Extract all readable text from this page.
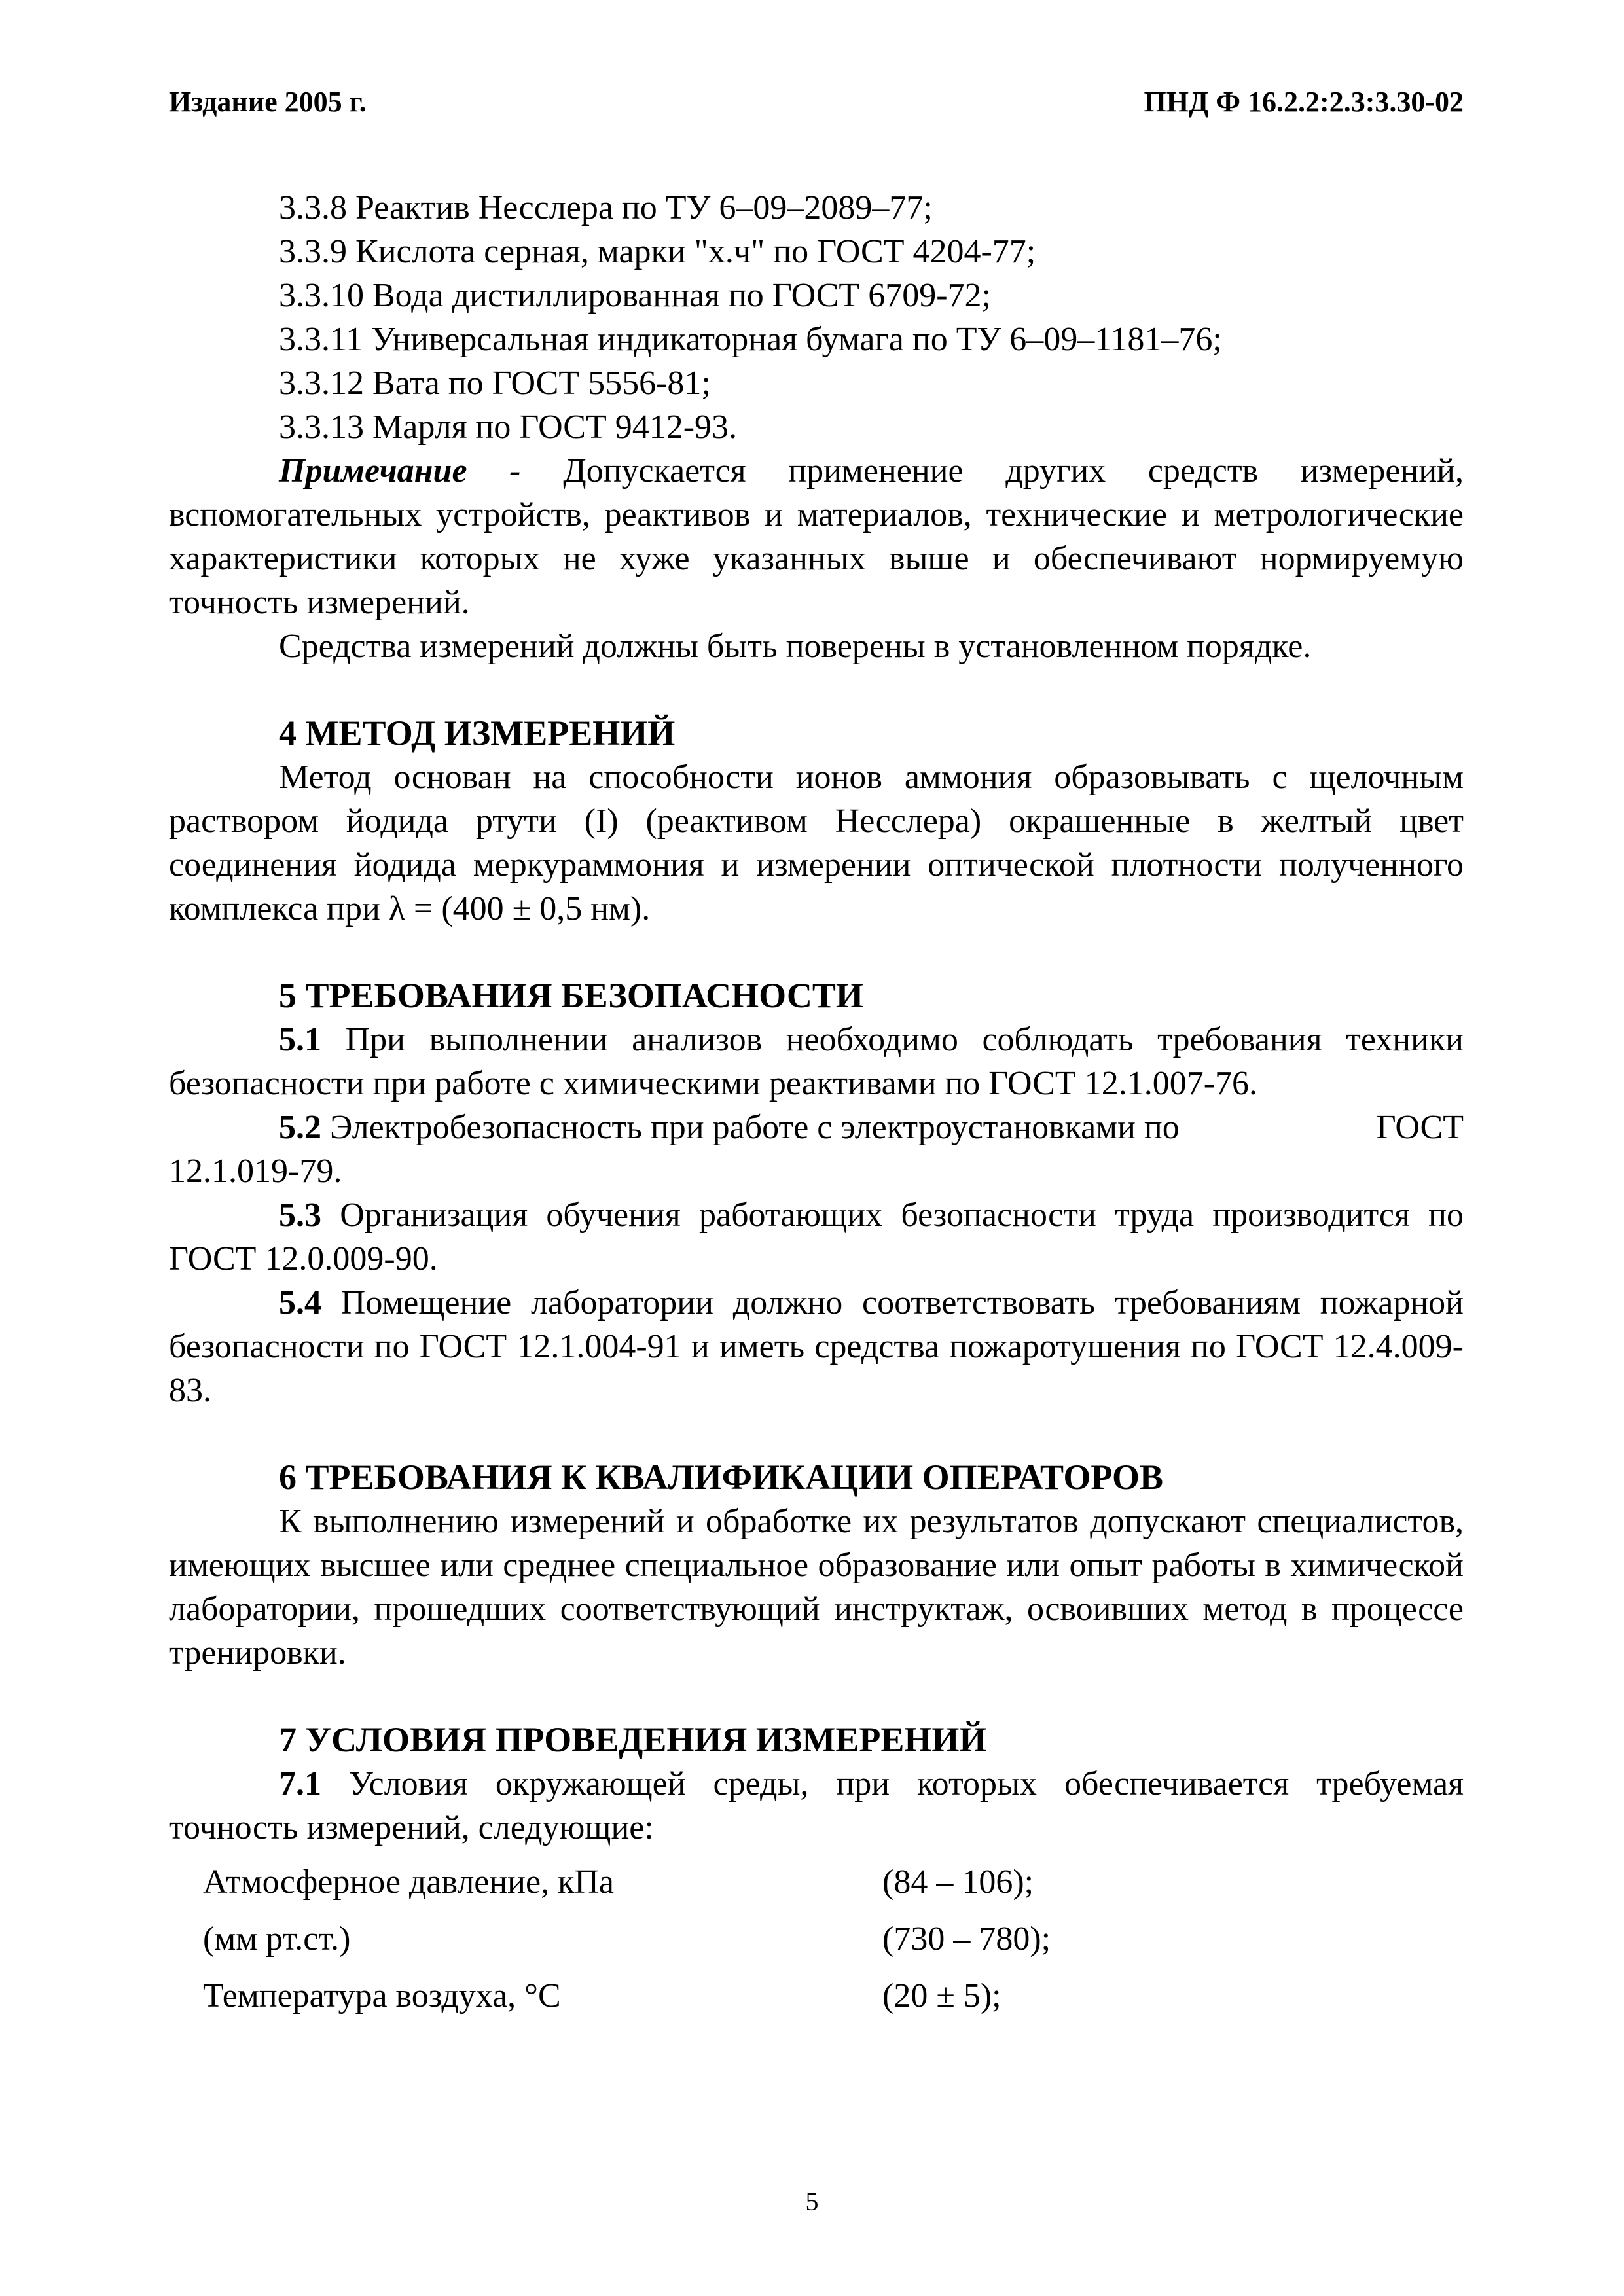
Издание 2005 г.	ПНД Ф 16.2.2:2.3:3.30-02
3.3.8 Реактив Несслера по ТУ 6–09–2089–77;
3.3.9 Кислота серная, марки "х.ч" по ГОСТ 4204-77;
3.3.10 Вода дистиллированная по ГОСТ 6709-72;
3.3.11 Универсальная индикаторная бумага по ТУ 6–09–1181–76;
3.3.12 Вата по ГОСТ 5556-81;
3.3.13 Марля по ГОСТ 9412-93.

Примечание - Допускается применение других средств измерений, вспомогательных устройств, реактивов и материалов, технические и метрологические характеристики которых не хуже указанных выше и обеспечивают нормируемую точность измерений.

Средства измерений должны быть поверены в установленном порядке.

4 МЕТОД ИЗМЕРЕНИЙ

Метод основан на способности ионов аммония образовывать с щелочным раствором йодида ртути (I) (реактивом Несслера) окрашенные в желтый цвет соединения йодида меркураммония и измерении оптической плотности полученного комплекса при λ = (400 ± 0,5 нм).

5 ТРЕБОВАНИЯ БЕЗОПАСНОСТИ

5.1 При выполнении анализов необходимо соблюдать требования техники безопасности при работе с химическими реактивами по ГОСТ 12.1.007-76.

5.2 Электробезопасность при работе с электроустановками по	ГОСТ
12.1.019-79.

5.3 Организация обучения работающих безопасности труда производится по ГОСТ 12.0.009-90.

5.4 Помещение лаборатории должно соответствовать требованиям пожарной безопасности по ГОСТ 12.1.004-91 и иметь средства пожаротушения по ГОСТ 12.4.009-83.

6 ТРЕБОВАНИЯ К КВАЛИФИКАЦИИ ОПЕРАТОРОВ

К выполнению измерений и обработке их результатов допускают специалистов, имеющих высшее или среднее специальное образование или опыт работы в химической лаборатории, прошедших соответствующий инструктаж, освоивших метод в процессе тренировки.

7 УСЛОВИЯ ПРОВЕДЕНИЯ ИЗМЕРЕНИЙ

7.1 Условия окружающей среды, при которых обеспечивается требуемая точность измерений, следующие:

Атмосферное давление, кПа	(84 – 106);
(мм рт.ст.)	(730 – 780);
Температура воздуха, °С	(20 ± 5);
5
